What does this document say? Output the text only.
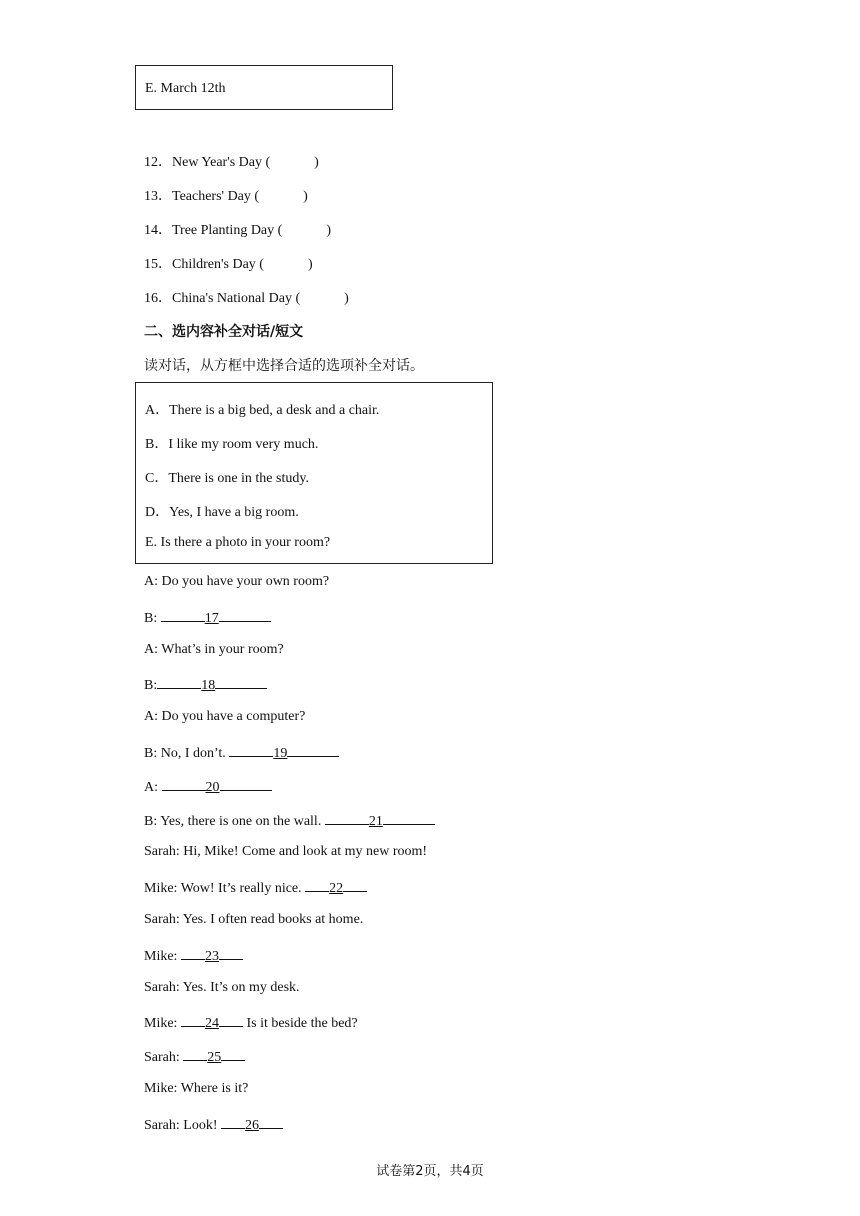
E. March 12th
12．New Year's Day (	)
13．Teachers' Day (	)
14．Tree Planting Day (	)
15．Children's Day (	)
16．China's National Day (	)
二、选内容补全对话/短文
读对话，从方框中选择合适的选项补全对话。
A．There is a big bed, a desk and a chair.
B．I like my room very much.
C．There is one in the study.
D．Yes, I have a big room.
E. Is there a photo in your room?
A: Do you have your own room?
B:	17
A: What’s in your room?
B:	18
A: Do you have a computer?
B: No, I don’t.	19
A:	20
B: Yes, there is one on the wall.	21
Sarah: Hi, Mike! Come and look at my new room!
Mike: Wow! It’s really nice. 22
Sarah: Yes. I often read books at home.
Mike: 23
Sarah: Yes. It’s on my desk.
Mike: 24 Is it beside the bed?
Sarah: 25
Mike: Where is it?
Sarah: Look! 26
试卷第2页，共4页
